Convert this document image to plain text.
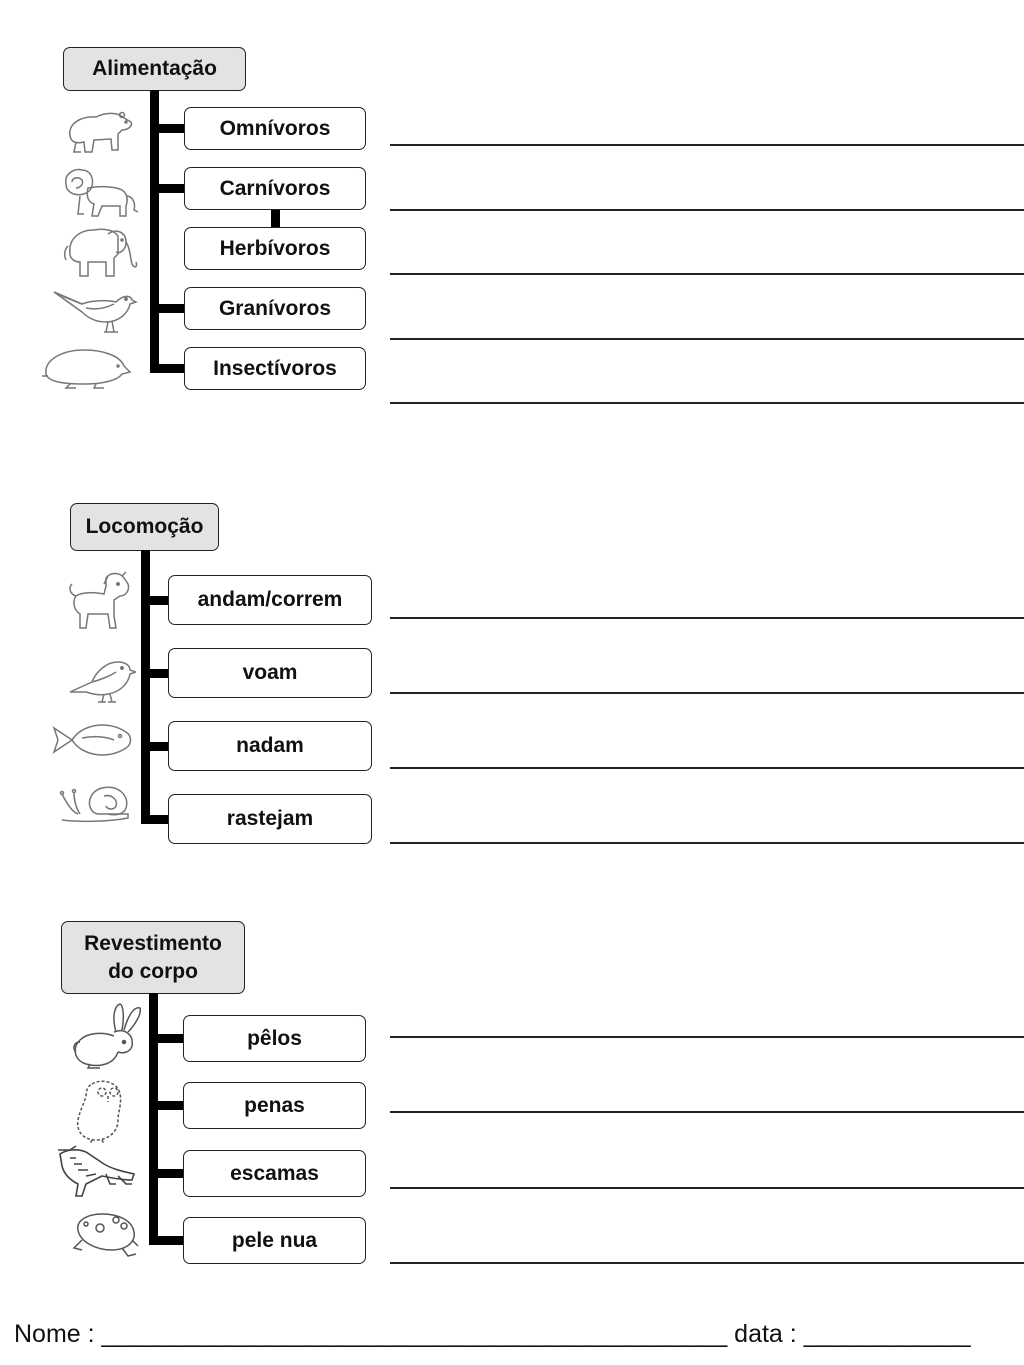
Alimentação
Omnívoros
Carnívoros
Herbívoros
Granívoros
Insectívoros
Locomoção
andam/correm
voam
nadam
rastejam
Revestimento
do corpo
pêlos
penas
escamas
pele nua
Nome : _____________________________________________ data : ____________
